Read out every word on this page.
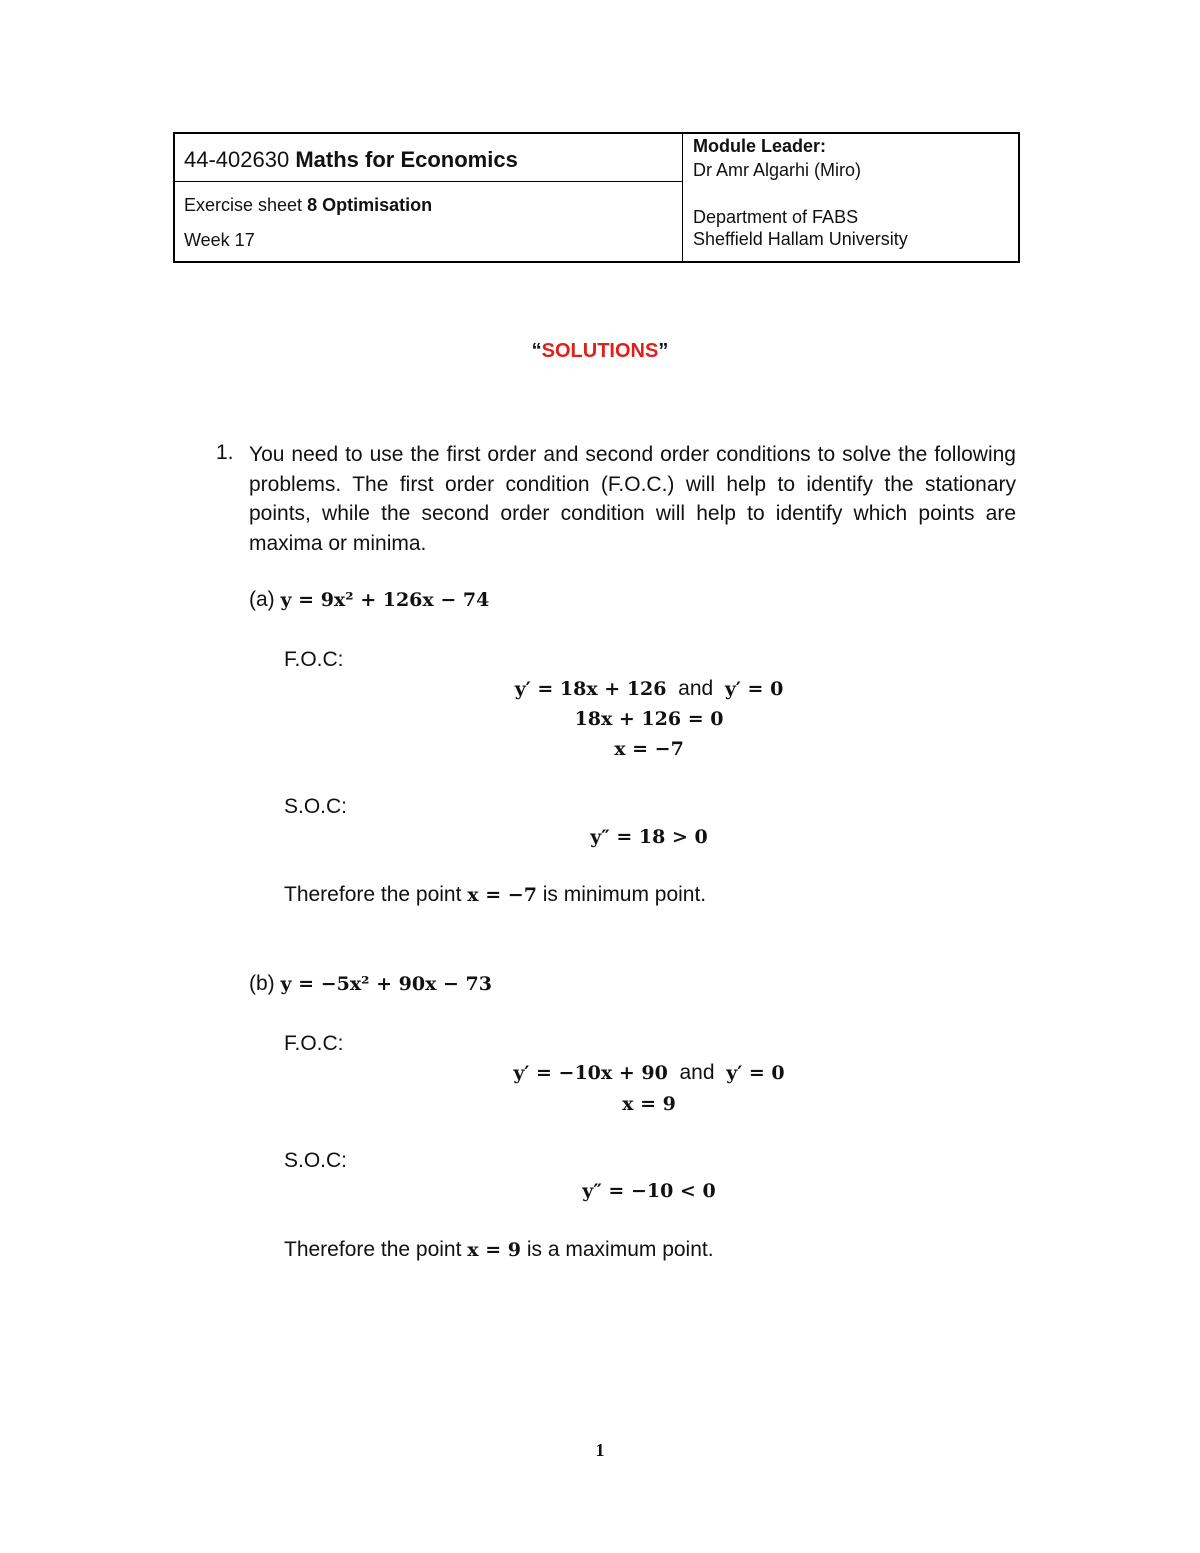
44-402630 Maths for Economics
Exercise sheet 8 Optimisation
Week 17
Module Leader:
Dr Amr Algarhi (Miro)
Department of FABS
Sheffield Hallam University
“SOLUTIONS”
1. You need to use the first order and second order conditions to solve the following problems. The first order condition (F.O.C.) will help to identify the stationary points, while the second order condition will help to identify which points are maxima or minima.
(a) y = 9x² + 126x − 74
F.O.C:
y′ = 18x + 126 and y′ = 0
18x + 126 = 0
x = −7
S.O.C:
y″ = 18 > 0
Therefore the point x = −7 is minimum point.
(b) y = −5x² + 90x − 73
F.O.C:
y′ = −10x + 90 and y′ = 0
x = 9
S.O.C:
y″ = −10 < 0
Therefore the point x = 9 is a maximum point.
1
